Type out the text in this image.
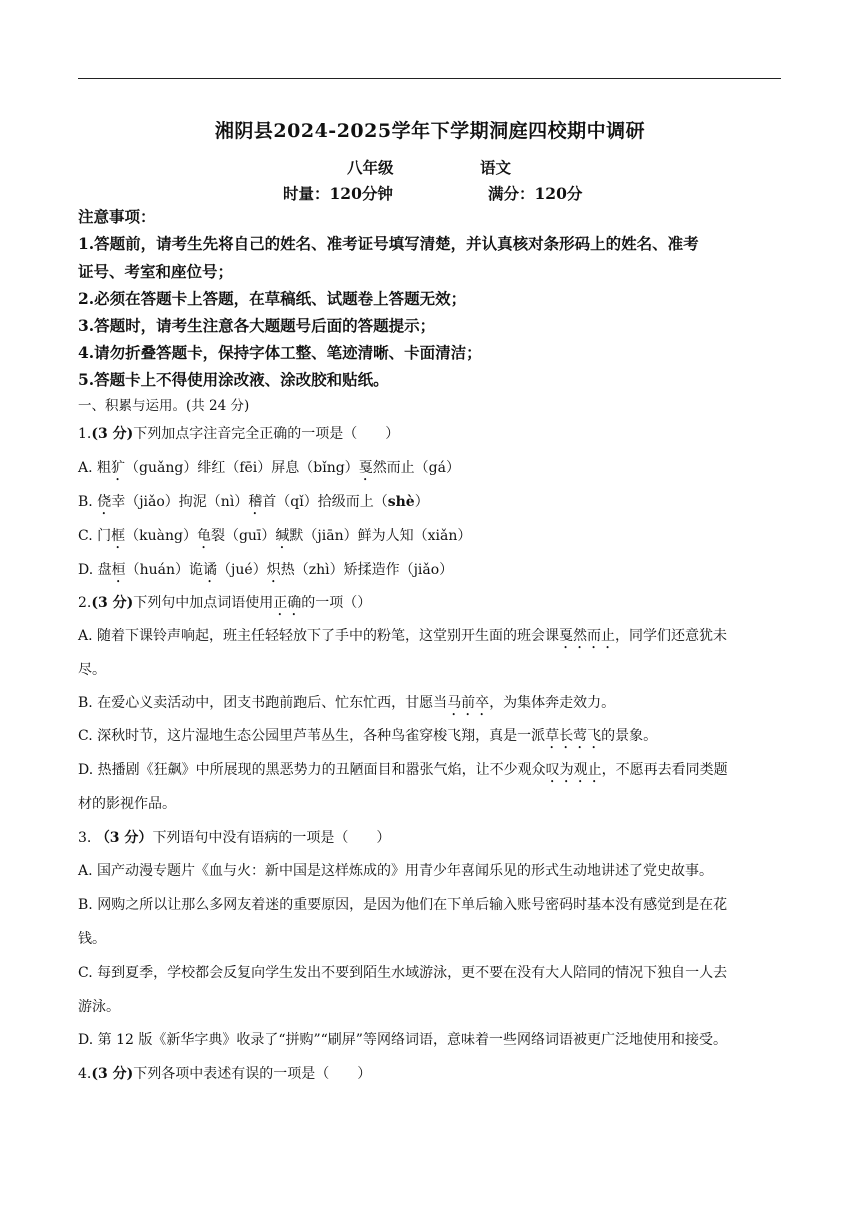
湘阴县2024-2025学年下学期洞庭四校期中调研
八年级	语文
时量：120分钟	满分：120分
注意事项：
1.答题前，请考生先将自己的姓名、准考证号填写清楚，并认真核对条形码上的姓名、准考
证号、考室和座位号；
2.必须在答题卡上答题，在草稿纸、试题卷上答题无效；
3.答题时，请考生注意各大题题号后面的答题提示；
4.请勿折叠答题卡，保持字体工整、笔迹清晰、卡面清洁；
5.答题卡上不得使用涂改液、涂改胶和贴纸。
一、积累与运用。(共 24 分)
1.(3 分)下列加点字注音完全正确的一项是（　　）
A. 粗犷（guǎng）绯红（fēi）屏息（bǐng）戛然而止（gá）
B. 侥幸（jiǎo）拘泥（nì）稽首（qǐ）拾级而上（shè）
C. 门框（kuàng）龟裂（guī）缄默（jiān）鲜为人知（xiǎn）
D. 盘桓（huán）诡谲（jué）炽热（zhì）矫揉造作（jiǎo）
2.(3 分)下列句中加点词语使用正确的一项（）
A. 随着下课铃声响起，班主任轻轻放下了手中的粉笔，这堂别开生面的班会课戛然而止，同学们还意犹未
尽。
B. 在爱心义卖活动中，团支书跑前跑后、忙东忙西，甘愿当马前卒，为集体奔走效力。
C. 深秋时节，这片湿地生态公园里芦苇丛生，各种鸟雀穿梭飞翔，真是一派草长莺飞的景象。
D. 热播剧《狂飙》中所展现的黑恶势力的丑陋面目和嚣张气焰，让不少观众叹为观止，不愿再去看同类题
材的影视作品。
3. （3 分）下列语句中没有语病的一项是（　　）
A. 国产动漫专题片《血与火：新中国是这样炼成的》用青少年喜闻乐见的形式生动地讲述了党史故事。
B. 网购之所以让那么多网友着迷的重要原因，是因为他们在下单后输入账号密码时基本没有感觉到是在花
钱。
C. 每到夏季，学校都会反复向学生发出不要到陌生水域游泳，更不要在没有大人陪同的情况下独自一人去
游泳。
D. 第 12 版《新华字典》收录了“拼购”“刷屏”等网络词语，意味着一些网络词语被更广泛地使用和接受。
4.(3 分)下列各项中表述有误的一项是（　　）
